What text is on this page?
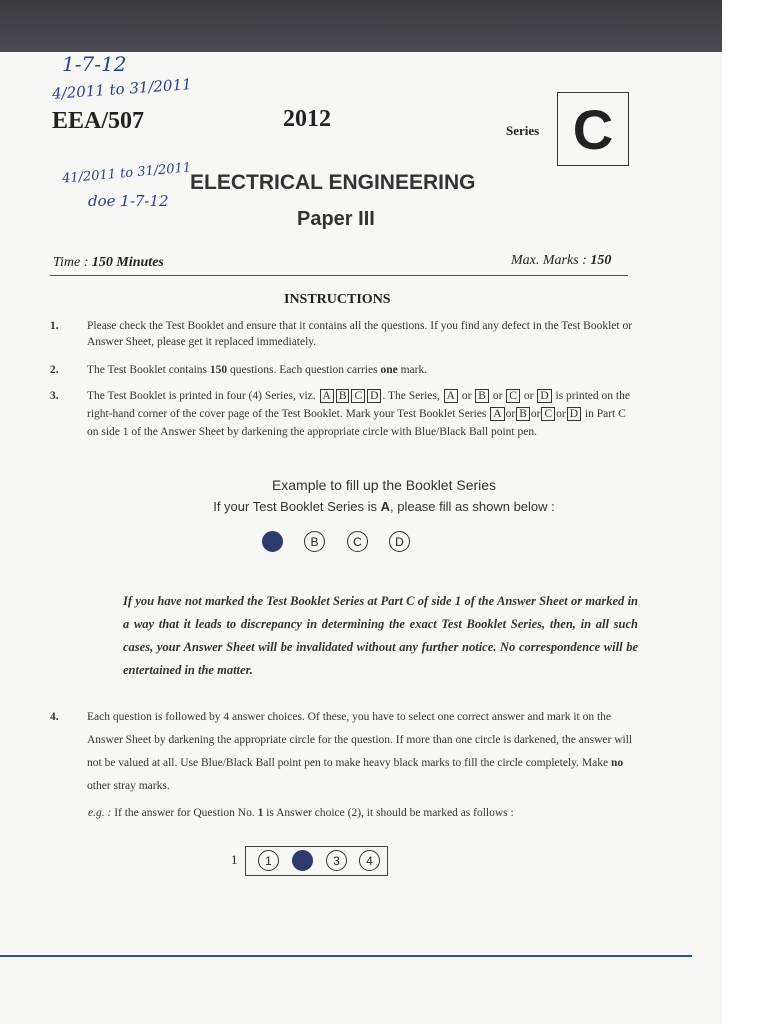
1-7-12
4/2011 to 31/2011
41/2011 to 31/2011
doe 1-7-12
EEA/507	2012	Series C
ELECTRICAL ENGINEERING
Paper III
Time : 150 Minutes	Max. Marks : 150
INSTRUCTIONS
1. Please check the Test Booklet and ensure that it contains all the questions. If you find any defect in the Test Booklet or Answer Sheet, please get it replaced immediately.
2. The Test Booklet contains 150 questions. Each question carries one mark.
3. The Test Booklet is printed in four (4) Series, viz. A B C D . The Series, A or B or C or D is printed on the right-hand corner of the cover page of the Test Booklet. Mark your Test Booklet Series A or B or C or D in Part C on side 1 of the Answer Sheet by darkening the appropriate circle with Blue/Black Ball point pen.
Example to fill up the Booklet Series
If your Test Booklet Series is A, please fill as shown below :
B	C	D
If you have not marked the Test Booklet Series at Part C of side 1 of the Answer Sheet or marked in a way that it leads to discrepancy in determining the exact Test Booklet Series, then, in all such cases, your Answer Sheet will be invalidated without any further notice. No correspondence will be entertained in the matter.
4. Each question is followed by 4 answer choices. Of these, you have to select one correct answer and mark it on the Answer Sheet by darkening the appropriate circle for the question. If more than one circle is darkened, the answer will not be valued at all. Use Blue/Black Ball point pen to make heavy black marks to fill the circle completely. Make no other stray marks.
e.g. : If the answer for Question No. 1 is Answer choice (2), it should be marked as follows :
1	1	3	4
